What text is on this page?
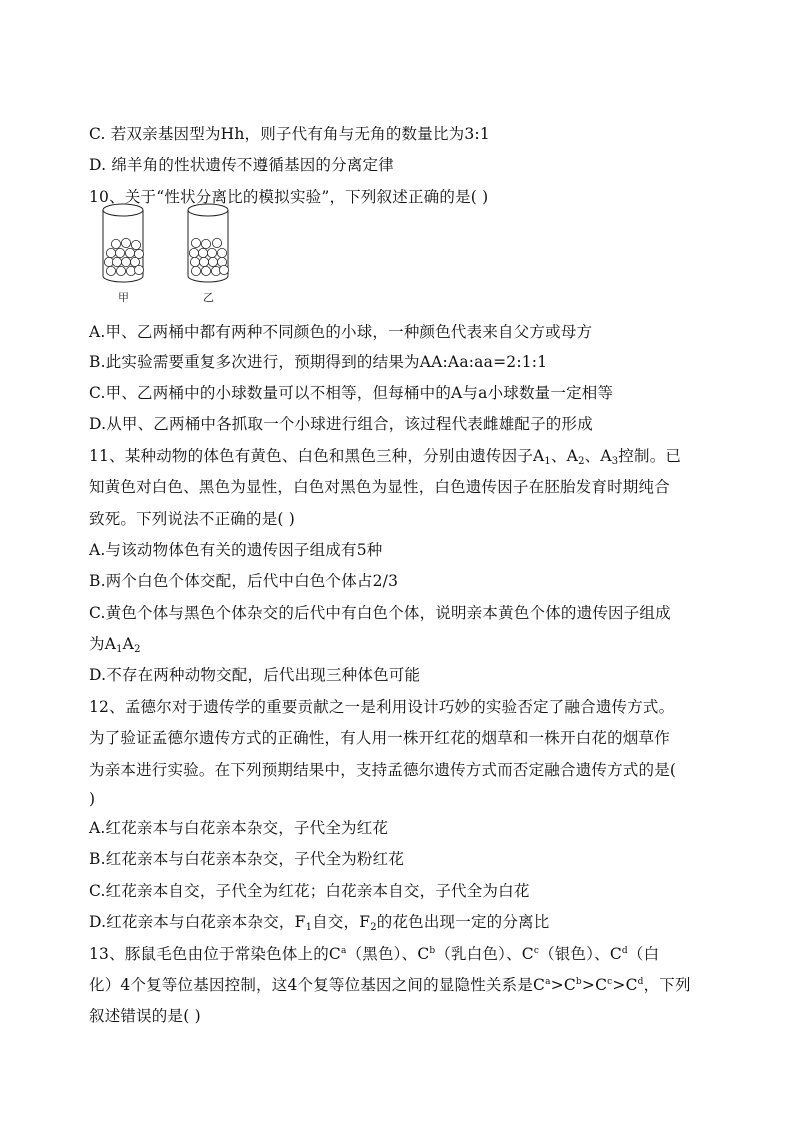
C. 若双亲基因型为Hh，则子代有角与无角的数量比为3:1
D. 绵羊角的性状遗传不遵循基因的分离定律
10、关于“性状分离比的模拟实验”，下列叙述正确的是( )
甲	乙
A.甲、乙两桶中都有两种不同颜色的小球，一种颜色代表来自父方或母方
B.此实验需要重复多次进行，预期得到的结果为AA:Aa:aa=2:1:1
C.甲、乙两桶中的小球数量可以不相等，但每桶中的A与a小球数量一定相等
D.从甲、乙两桶中各抓取一个小球进行组合，该过程代表雌雄配子的形成
11、某种动物的体色有黄色、白色和黑色三种，分别由遗传因子$A_1$、$A_2$、$A_3$控制。已
知黄色对白色、黑色为显性，白色对黑色为显性，白色遗传因子在胚胎发育时期纯合
致死。下列说法不正确的是( )
A.与该动物体色有关的遗传因子组成有5种
B.两个白色个体交配，后代中白色个体占2/3
C.黄色个体与黑色个体杂交的后代中有白色个体，说明亲本黄色个体的遗传因子组成
为$A_1A_2$
D.不存在两种动物交配，后代出现三种体色可能
12、孟德尔对于遗传学的重要贡献之一是利用设计巧妙的实验否定了融合遗传方式。
为了验证孟德尔遗传方式的正确性，有人用一株开红花的烟草和一株开白花的烟草作
为亲本进行实验。在下列预期结果中，支持孟德尔遗传方式而否定融合遗传方式的是(
)
A.红花亲本与白花亲本杂交，子代全为红花
B.红花亲本与白花亲本杂交，子代全为粉红花
C.红花亲本自交，子代全为红花；白花亲本自交，子代全为白花
D.红花亲本与白花亲本杂交，$F_1$自交，$F_2$的花色出现一定的分离比
13、豚鼠毛色由位于常染色体上的$C^a$（黑色）、$C^b$（乳白色）、$C^c$（银色）、$C^d$（白
化）4个复等位基因控制，这4个复等位基因之间的显隐性关系是$C^a>C^b>C^c>C^d$，下列
叙述错误的是( )
